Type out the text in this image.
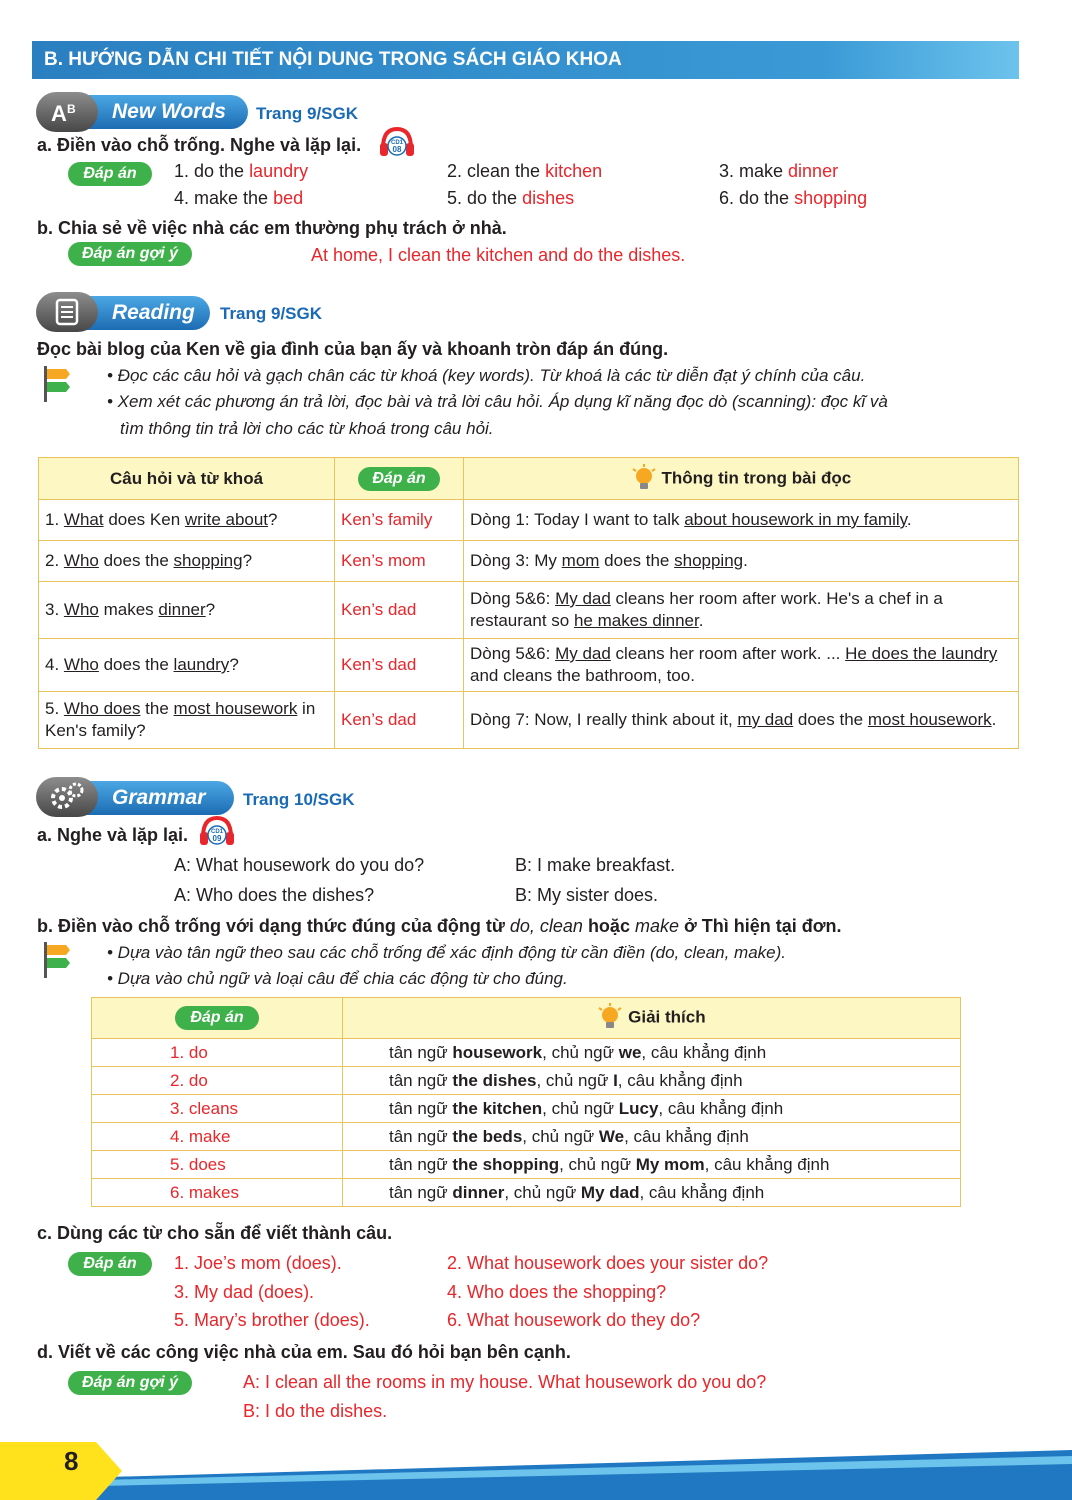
B. HƯỚNG DẪN CHI TIẾT NỘI DUNG TRONG SÁCH GIÁO KHOA
New Words
A B	Trang 9/SGK
a. Điền vào chỗ trống. Nghe và lặp lại.	CD1
08
Đáp án	1. do the laundry	2. clean the kitchen	3. make dinner
4. make the bed	5. do the dishes	6. do the shopping
b. Chia sẻ về việc nhà các em thường phụ trách ở nhà.
Đáp án gợi ý	At home, I clean the kitchen and do the dishes.
Reading	Trang 9/SGK
Đọc bài blog của Ken về gia đình của bạn ấy và khoanh tròn đáp án đúng.
• Đọc các câu hỏi và gạch chân các từ khoá (key words). Từ khoá là các từ diễn đạt ý chính của câu.
• Xem xét các phương án trả lời, đọc bài và trả lời câu hỏi. Áp dụng kĩ năng đọc dò (scanning): đọc kĩ và
tìm thông tin trả lời cho các từ khoá trong câu hỏi.
Câu hỏi và từ khoá	Đáp án	Thông tin trong bài đọc
1. What does Ken write about?	Ken’s family	Dòng 1: Today I want to talk about housework in my family.
2. Who does the shopping?	Ken’s mom	Dòng 3: My mom does the shopping.
3. Who makes dinner?	Ken’s dad	Dòng 5&6: My dad cleans her room after work. He's a chef in a restaurant so he makes dinner.
4. Who does the laundry?	Ken’s dad	Dòng 5&6: My dad cleans her room after work. ... He does the laundry and cleans the bathroom, too.
5. Who does the most housework in Ken's family?	Ken’s dad	Dòng 7: Now, I really think about it, my dad does the most housework.
Grammar	Trang 10/SGK
a. Nghe và lặp lại.	CD1
09
A: What housework do you do?	B: I make breakfast.
A: Who does the dishes?	B: My sister does.
b. Điền vào chỗ trống với dạng thức đúng của động từ do, clean hoặc make ở Thì hiện tại đơn.
• Dựa vào tân ngữ theo sau các chỗ trống để xác định động từ cần điền (do, clean, make).
• Dựa vào chủ ngữ và loại câu để chia các động từ cho đúng.
Đáp án	Giải thích
1. do	tân ngữ housework, chủ ngữ we, câu khẳng định
2. do	tân ngữ the dishes, chủ ngữ I, câu khẳng định
3. cleans	tân ngữ the kitchen, chủ ngữ Lucy, câu khẳng định
4. make	tân ngữ the beds, chủ ngữ We, câu khẳng định
5. does	tân ngữ the shopping, chủ ngữ My mom, câu khẳng định
6. makes	tân ngữ dinner, chủ ngữ My dad, câu khẳng định
c. Dùng các từ cho sẵn để viết thành câu.
Đáp án	1. Joe’s mom (does).	2. What housework does your sister do?
3. My dad (does).	4. Who does the shopping?
5. Mary’s brother (does).	6. What housework do they do?
d. Viết về các công việc nhà của em. Sau đó hỏi bạn bên cạnh.
Đáp án gợi ý	A: I clean all the rooms in my house. What housework do you do?
B: I do the dishes.
8
